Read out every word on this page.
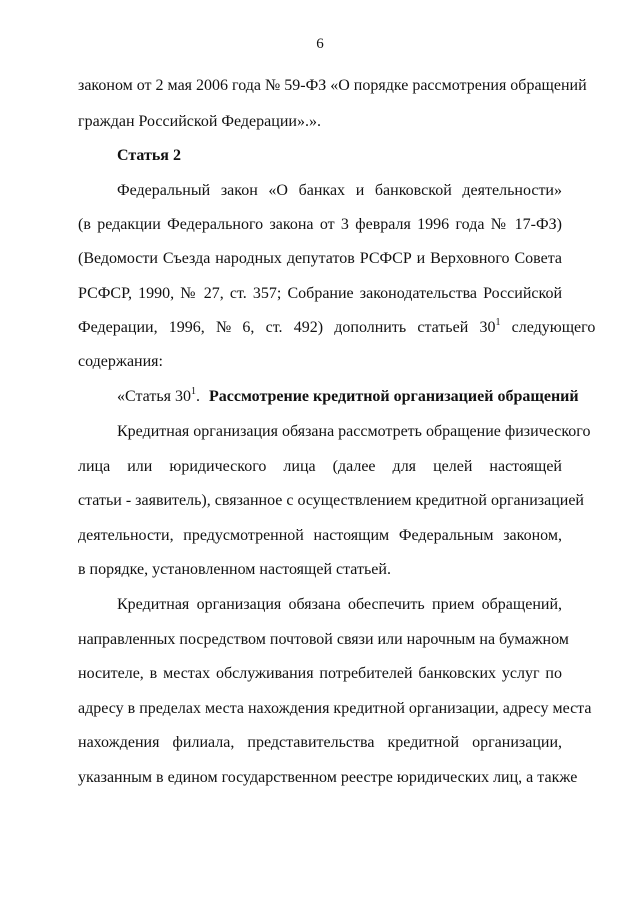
6
законом от 2 мая 2006 года № 59-ФЗ «О порядке рассмотрения обращений
граждан Российской Федерации».».
Статья 2
Федеральный закон «О банках и банковской деятельности»
(в редакции Федерального закона от 3 февраля 1996 года № 17-ФЗ)
(Ведомости Съезда народных депутатов РСФСР и Верховного Совета
РСФСР, 1990, № 27, ст. 357; Собрание законодательства Российской
Федерации, 1996, № 6, ст. 492) дополнить статьей $30^1$ следующего
содержания:
«Статья $30^1$. Рассмотрение кредитной организацией обращений
Кредитная организация обязана рассмотреть обращение физического
лица или юридического лица (далее для целей настоящей
статьи - заявитель), связанное с осуществлением кредитной организацией
деятельности, предусмотренной настоящим Федеральным законом,
в порядке, установленном настоящей статьей.
Кредитная организация обязана обеспечить прием обращений,
направленных посредством почтовой связи или нарочным на бумажном
носителе, в местах обслуживания потребителей банковских услуг по
адресу в пределах места нахождения кредитной организации, адресу места
нахождения филиала, представительства кредитной организации,
указанным в едином государственном реестре юридических лиц, а также
